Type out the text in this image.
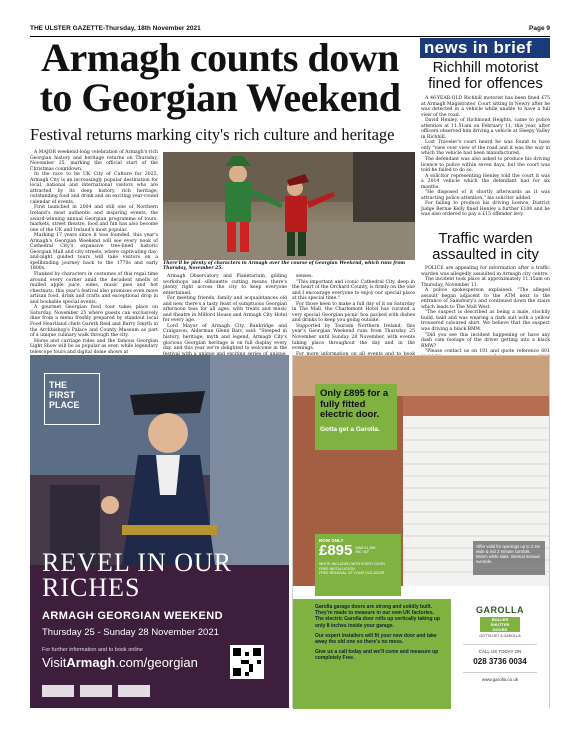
THE ULSTER GAZETTE-Thursday, 18th November 2021	Page 9
Armagh counts down to Georgian Weekend
Festival returns marking city's rich culture and heritage

A MAJOR weekend-long celebration of Armagh's rich Georgian history and heritage returns on Thursday, November 25, marking the official start of the Christmas countdown.

In the race to be UK City of Culture for 2025, Armagh City is an increasingly popular destination for local, national and international visitors who are attracted by its deep history, rich heritage, outstanding food and drink and an exciting year-round calendar of events.

First launched in 2004 and still one of Northern Ireland's most authentic and inspiring events, the award-winning annual Georgian programme of tours, markets, street theatre, food and fun has also become one of the UK and Ireland's most popular.

Marking 17 years since it was founded, this year's Armagh's Georgian Weekend will see every nook of Cathedral City's expansive tree-lined historic Georgian Mall and city streets, where captivating day-and-night guided tours will take visitors on a spellbinding journey back to the 1770s and early 1800s.

Flanked by characters in costumes of this regal time around every corner amid the decadent smells of mulled apple juice, sides, music pies and hot chestnuts, this year's festival also promises even more artisan food, drink and crafts and exceptional drop in and bookable special events.

A gourmet Georgian food tour takes place on Saturday, November 25 where guests can exclusively dine from a menu freshly prepared by standout local Food Heartland chefs Gareth Reid and Barry Smyth in the Archbishop's Palace and County Museum as part of a unique culinary walk through the city.

Horse and carriage rides and the famous Georgian Light Show will be as popular as ever, while legendary telescope tours and digital dome shows at

There'll be plenty of characters in Armagh over the course of Georgian Weekend, which runs from Thursday, November 25.

Armagh Observatory and Planetarium, gilding workshops and silhouette cutting means there's plenty right across the city to keep everyone entertained.

For meeting friends, family and acquaintances old and new, there's a tasty feast of sumptuous Georgian afternoon teas for all ages, with treats and music and theatre in Milford House and Armagh City Hotel for every age.

Lord Mayor of Armagh City, Banbridge and Craigavon, Alderman Glenn Barr, said: "Steeped in history, heritage, myth and legend, Armagh City's glorious Georgian heritage is on full display every day, and this year we're delighted to welcome in the

senses.

"This important and iconic Cathedral City, deep in the heart of the Orchard County, is firmly on the one and I encourage everyone to enjoy our special place at this special time."

For those keen to make a full day of it on Saturday in The Mall, the Charlemont Hotel has curated a very special Georgian picnic box packed with dishes and drinks to keep you going outside.

Supported by Tourism Northern Ireland, this year's Georgian Weekend runs from Thursday 25 November until Sunday 28 November, with events taking place throughout the day and in the evenings.

news in brief
Richhill motorist fined for offences

A 46-YEAR-OLD Richhill motorist has been fined £75 at Armagh Magistrates' Court sitting in Newry after he was detected in a vehicle while unable to have a full view of the road.

David Henley, of Richmond Heights, came to police attention at 11.51am on February 11, this year, after officers observed him driving a vehicle at Sleepy Valley in Richhill.

Lost Traveler's court heard he was found to have only "view over view of the road and it was the way in which the vehicle had been manufactured.

The defendant was also asked to produce his driving licence to police within seven days, but the court was told he failed to do so.

A solicitor representing Henley told the court it was a 2014 vehicle which the defendant had for six months.

"He disposed of it shortly afterwards as it was attracting police attention," his solicitor added.

For failing to produce his driving licence, District Judge Bernie Kelly fined Henley a further £100 and he was also ordered to pay a £15 offender levy.

Traffic warden assaulted in city

POLICE are appealing for information after a traffic warden was allegedly assaulted in Armagh city centre.

The incident took place at approximately 11.15am on Thursday, November 11.

A police spokesperson explained: "The alleged assault began adjacent to the ATM next to the entrance of Sainsbury's and continued down the stairs which leads to The Mall West.

"The suspect is described as being a male, stockily build, bald and was wearing a dark suit with a yellow trousered coloured shirt. We believe that the suspect was driving a black BMW.

"Did you see this incident happening or have any dash cam footage of the driver getting into a black BMW?

"Please contact us on 101 and quote reference 601

THE FIRST PLACE
REVEL IN OUR RICHES
ARMAGH GEORGIAN WEEKEND
Thursday 25 - Sunday 28 November 2021
For further information and to book online
VisitArmagh.com/georgian
Only £895 for a fully fitted electric door.
Gotta get a Garolla.
NOW ONLY
£895 WAS £1,359 INC VAT
WHITE INCLUDED WITH EVERY DOOR
FREE INSTALLATION
FREE REMOVAL OF YOUR OLD DOOR
Offer valid for openings up to 2.4m wide & incl 2 remote controls. 55mm white slats. Internal manual override.
Garolla garage doors are strong and solidly built. They're made to measure in our own UK factories. The electric Garolla door rolls up vertically taking up only 8 inches inside your garage.
Our expert installers will fit your new door and take away the old one so there's no mess.
Give us a call today and we'll come and measure up completely Free.
GAROLLA
ROLLER
SHUTTER
DOORS
GOTTA GET A GAROLLA
CALL US TODAY ON
028 3736 0034
www.garolla.co.uk
